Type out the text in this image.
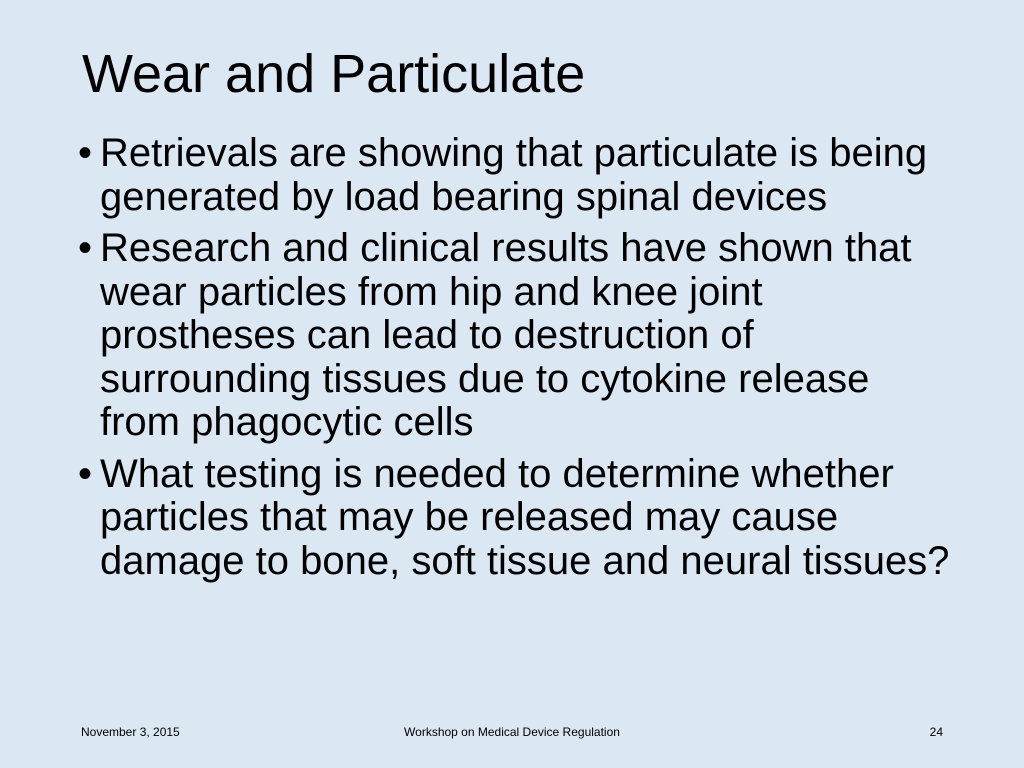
Wear and Particulate
• Retrievals are showing that particulate is being generated by load bearing spinal devices
• Research and clinical results have shown that wear particles from hip and knee joint prostheses can lead to destruction of surrounding tissues due to cytokine release from phagocytic cells
• What testing is needed to determine whether particles that may be released may cause damage to bone, soft tissue and neural tissues?
November 3, 2015	Workshop on Medical Device Regulation	24
